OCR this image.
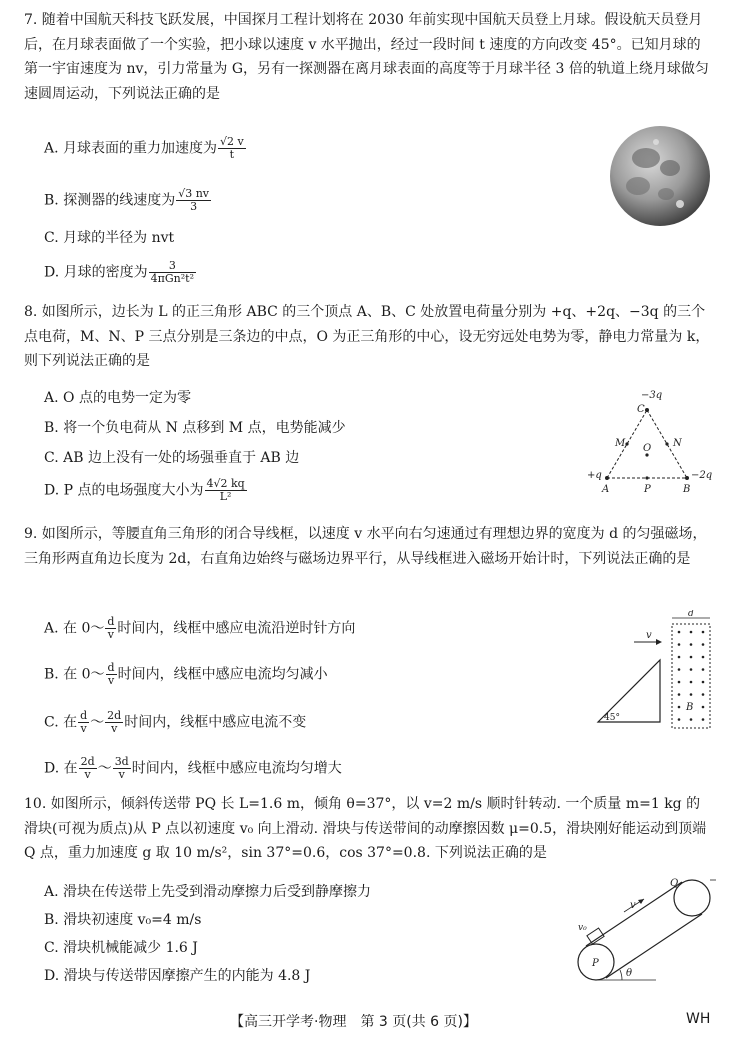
7. 随着中国航天科技飞跃发展，中国探月工程计划将在 2030 年前实现中国航天员登上月球。假设航天员登月后，在月球表面做了一个实验，把小球以速度 v 水平抛出，经过一段时间 t 速度的方向改变 45°。已知月球的第一宇宙速度为 nv，引力常量为 G，另有一探测器在离月球表面的高度等于月球半径 3 倍的轨道上绕月球做匀速圆周运动，下列说法正确的是
A. 月球表面的重力加速度为 $\frac{√2 v}{t}$
B. 探测器的线速度为 $\frac{√3 nv}{3}$
C. 月球的半径为 nvt
D. 月球的密度为	3
4πGn²t²
8. 如图所示，边长为 L 的正三角形 ABC 的三个顶点 A、B、C 处放置电荷量分别为 +q、+2q、−3q 的三个点电荷，M、N、P 三点分别是三条边的中点，O 为正三角形的中心，设无穷远处电势为零，静电力常量为 k，则下列说法正确的是
A. O 点的电势一定为零
B. 将一个负电荷从 N 点移到 M 点，电势能减少
C. AB 边上没有一处的场强垂直于 AB 边
D. P 点的电场强度大小为 $\frac{4√2 kq}{\text{L²}}$
−3q
C
M	N
O
A	P	B
+q	−2q
9. 如图所示，等腰直角三角形的闭合导线框，以速度 v 水平向右匀速通过有理想边界的宽度为 d 的匀强磁场，三角形两直角边长度为 2d，右直角边始终与磁场边界平行，从导线框进入磁场开始计时，下列说法正确的是
A. 在 0～ $\frac{d}{v}$ 时间内，线框中感应电流沿逆时针方向
B. 在 0～ $\frac{d}{v}$ 时间内，线框中感应电流均匀减小
C. 在 $\frac{d}{v}$ ～ $\frac{2d}{v}$ 时间内，线框中感应电流不变
D. 在 $\frac{2d}{v}$ ～ $\frac{3d}{v}$ 时间内，线框中感应电流均匀增大
v
45°
d
B
10. 如图所示，倾斜传送带 PQ 长 L=1.6 m，倾角 θ=37°，以 v=2 m/s 顺时针转动. 一个质量 m=1 kg 的滑块(可视为质点)从 P 点以初速度 v₀ 向上滑动. 滑块与传送带间的动摩擦因数 μ=0.5，滑块刚好能运动到顶端 Q 点，重力加速度 g 取 10 m/s²，sin 37°=0.6，cos 37°=0.8. 下列说法正确的是
A. 滑块在传送带上先受到滑动摩擦力后受到静摩擦力
B. 滑块初速度 v₀=4 m/s
C. 滑块机械能减少 1.6 J
D. 滑块与传送带因摩擦产生的内能为 4.8 J
v₀
v
Q
P
θ
【高三开学考·物理　第 3 页(共 6 页)】	WH
